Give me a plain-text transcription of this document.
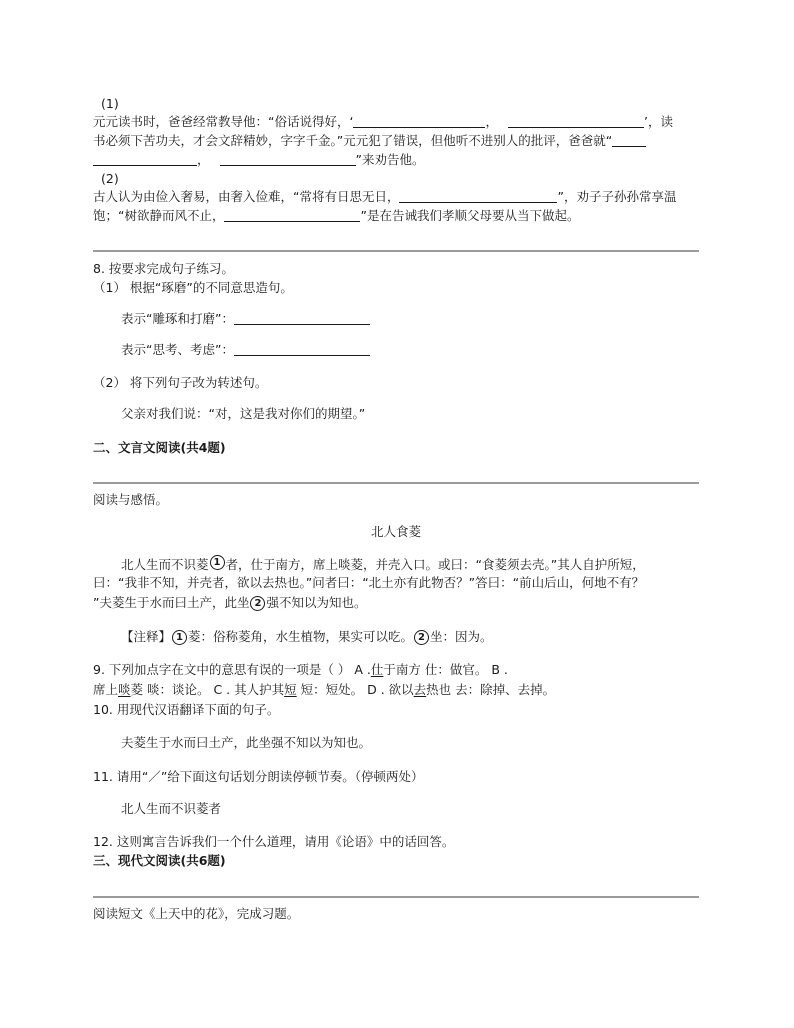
(1)
元元读书时，爸爸经常教导他：“俗话说得好，‘	，	’，读
书必须下苦功夫，才会文辞精妙，字字千金。”元元犯了错误，但他听不进别人的批评，爸爸就“
，	”来劝告他。
(2)
古人认为由俭入奢易，由奢入俭难，“常将有日思无日，	”，劝子子孙孙常享温
饱；“树欲静而风不止，	”是在告诫我们孝顺父母要从当下做起。
8. 按要求完成句子练习。
（1） 根据“琢磨”的不同意思造句。
表示“雕琢和打磨”：
表示“思考、考虑”：
（2） 将下列句子改为转述句。
父亲对我们说：“对，这是我对你们的期望。”
二、文言文阅读(共4题)
阅读与感悟。
北人食菱
北人生而不识菱 1 者，仕于南方，席上啖菱，并壳入口。或曰：“食菱须去壳。”其人自护所短，
曰：“我非不知，并壳者，欲以去热也。”问者曰：“北土亦有此物否？”答曰：“前山后山，何地不有？
”夫菱生于水而曰土产，此坐 2 强不知以为知也。
【注释】 1 菱：俗称菱角，水生植物，果实可以吃。 2 坐：因为。
9. 下列加点字在文中的意思有误的一项是（ ） A .仕于南方 仕：做官。 B .
席上啖菱 啖：谈论。 C . 其人护其短 短：短处。 D . 欲以去热也 去：除掉、去掉。
10. 用现代汉语翻译下面的句子。
夫菱生于水而曰土产，此坐强不知以为知也。
11. 请用“／”给下面这句话划分朗读停顿节奏。（停顿两处）
北人生而不识菱者
12. 这则寓言告诉我们一个什么道理，请用《论语》中的话回答。
三、现代文阅读(共6题)
阅读短文《上天中的花》，完成习题。
